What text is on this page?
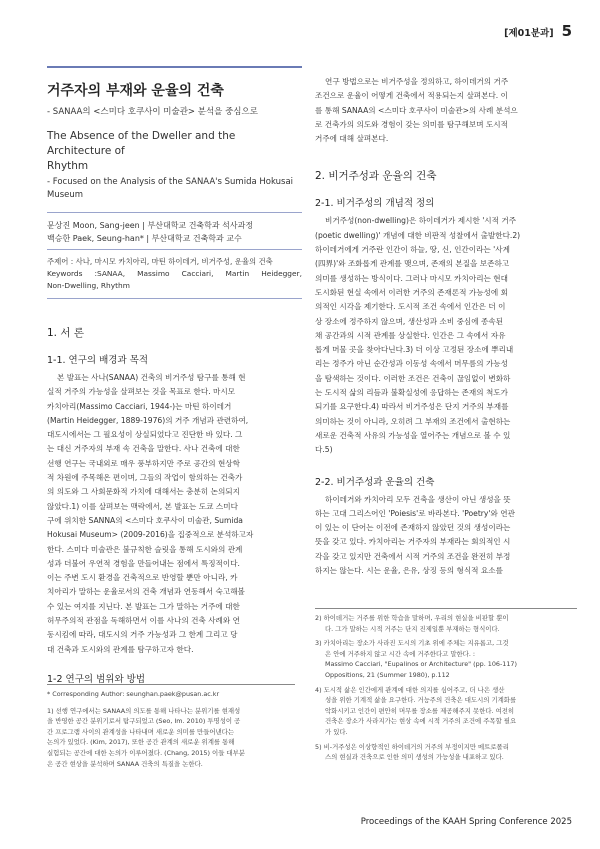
[제01분과] 5
거주자의 부재와 운율의 건축
- SANAA의 <스미다 호쿠사이 미술관> 분석을 중심으로
The Absence of the Dweller and the Architecture of
Rhythm
- Focused on the Analysis of the SANAA's Sumida Hokusai
Museum
문상진 Moon, Sang-jeen | 부산대학교 건축학과 석사과정
백승한 Paek, Seung-han* | 부산대학교 건축학과 교수
주제어 : 사나, 마시모 카치아리, 마틴 하이데거, 비거주성, 운율의 건축
Keywords :SANAA, Massimo Cacciari, Martin Heidegger,
Non-Dwelling, Rhythm
1. 서 론
1-1. 연구의 배경과 목적
본 발표는 사나(SANAA) 건축의 비거주성 탐구를 통해 현
실적 거주의 가능성을 살펴보는 것을 목표로 한다. 마시모
카치아리(Massimo Cacciari, 1944-)는 마틴 하이데거
(Martin Heidegger, 1889-1976)의 거주 개념과 관련하여,
대도시에서는 그 필요성이 상실되었다고 진단한 바 있다. 그
는 대신 거주자의 부재 속 건축을 말한다. 사나 건축에 대한
선행 연구는 국내외로 매우 풍부하지만 주로 공간의 현상학
적 차원에 주목해온 편이며, 그들의 작업이 함의하는 건축가
의 의도와 그 사회문화적 가치에 대해서는 충분히 논의되지
않았다.1) 이를 살펴보는 맥락에서, 본 발표는 도쿄 스미다
구에 위치한 SANNA의 <스미다 호쿠사이 미술관, Sumida
Hokusai Museum> (2009-2016)을 집중적으로 분석하고자
한다. 스미다 미술관은 불규칙한 슬릿을 통해 도시와의 관계
성과 더불어 우연적 경험을 만들어내는 점에서 특징적이다.
이는 주변 도시 환경을 건축적으로 반영할 뿐만 아니라, 카
치아리가 말하는 운율로서의 건축 개념과 연동해서 숙고해볼
수 있는 여지를 지닌다. 본 발표는 그가 말하는 거주에 대한
허무주의적 관점을 독해하면서 이를 사나의 건축 사례와 연
동시킴에 따라, 대도시의 거주 가능성과 그 한계 그리고 당
대 건축과 도시와의 관계를 탐구하고자 한다.
1-2 연구의 범위와 방법
* Corresponding Author: seunghan.paek@pusan.ac.kr
1) 선행 연구에서는 SANAA의 의도를 통해 나타나는 분위기를 현재성
을 반영한 공간 분위기로서 탐구되었고 (Seo, Im. 2010) 투명성이 공
간 프로그램 사이의 관계성을 나타내며 새로운 의미를 만들어낸다는
논의가 있었다. (Kim, 2017), 또한 공간 관계의 새로운 위계를 통해
실험되는 공간에 대한 논의가 이루어졌다. (Chang, 2015) 이들 대부분
은 공간 현상을 분석하며 SANAA 건축의 특질을 논한다.
연구 방법으로는 비거주성을 정의하고, 하이데거의 거주
조건으로 운율이 어떻게 건축에서 적용되는지 살펴본다. 이
를 통해 SANAA의 <스미다 호쿠사이 미술관>의 사례 분석으
로 건축가의 의도와 경험이 갖는 의미를 탐구해보며 도시적
거주에 대해 살펴본다.
2. 비거주성과 운율의 건축
2-1. 비거주성의 개념적 정의
비거주성(non-dwelling)은 하이데거가 제시한 '시적 거주
(poetic dwelling)' 개념에 대한 비판적 성찰에서 출발한다.2)
하이데거에게 거주란 인간이 하늘, 땅, 신, 인간이라는 '사계
(四界)'와 조화롭게 관계를 맺으며, 존재의 본질을 보존하고
의미를 생성하는 방식이다. 그러나 마시모 카치아리는 현대
도시화된 현실 속에서 이러한 거주의 존재론적 가능성에 회
의적인 시각을 제기한다. 도시적 조건 속에서 인간은 더 이
상 장소에 정주하지 않으며, 생산성과 소비 중심에 종속된
채 공간과의 시적 관계를 상실한다. 인간은 그 속에서 자유
롭게 머물 곳을 찾아다닌다.3) 더 이상 고정된 장소에 뿌리내
리는 정주가 아닌 순간성과 이동성 속에서 머무름의 가능성
을 탐색하는 것이다. 이러한 조건은 건축이 끊임없이 변화하
는 도시적 삶의 리듬과 불확실성에 응답하는 존재의 척도가
되기를 요구한다.4) 따라서 비거주성은 단지 거주의 부재를
의미하는 것이 아니라, 오히려 그 부재의 조건에서 출현하는
새로운 건축적 사유의 가능성을 열어주는 개념으로 볼 수 있
다.5)
2-2. 비거주성과 운율의 건축
하이데거와 카치아리 모두 건축을 생산이 아닌 생성을 뜻
하는 고대 그리스어인 'Poiesis'로 바라본다. 'Poetry'와 연관
이 있는 이 단어는 이전에 존재하지 않았던 것의 생성이라는
뜻을 갖고 있다. 카치아리는 거주자의 부재라는 회의적인 시
각을 갖고 있지만 건축에서 시적 거주의 조건을 완전히 부정
하지는 않는다. 시는 운율, 은유, 상징 등의 형식적 요소를
2) 하이데거는 거주를 위한 학습을 말하며, 우리의 현실을 비판할 뿐이
다. 그가 말하는 시적 거주는 단지 진제일뿐 부재하는 형식이다.
3) 카치아리는 장소가 사라진 도시의 기초 위에 주체는 지유롭고, 그것
은 안에 거주하지 않고 시간 속에 거주한다고 말한다. :
Massimo Cacciari, "Eupalinos or Architecture" (pp. 106-117)
Oppositions, 21 (Summer 1980), p.112
4) 도시적 삶은 인간에게 관계에 대한 의지를 심어주고, 더 나은 생산
성을 위한 기계적 삶을 요구한다. 거능주의 건축은 대도시의 기계화를
악화시키고 인간이 편안히 머무를 장소를 제공해주지 못한다. 여전히
건축은 장소가 사라지가는 현상 속에 시적 거주의 조건에 주목할 필요
가 있다.
5) 비-거주성은 이상향적인 하이데거의 거주의 부정이지만 메트로폴리
스의 현실과 건축으로 인한 의미 생성의 가능성을 내포하고 있다.
Proceedings of the KAAH Spring Conference 2025
